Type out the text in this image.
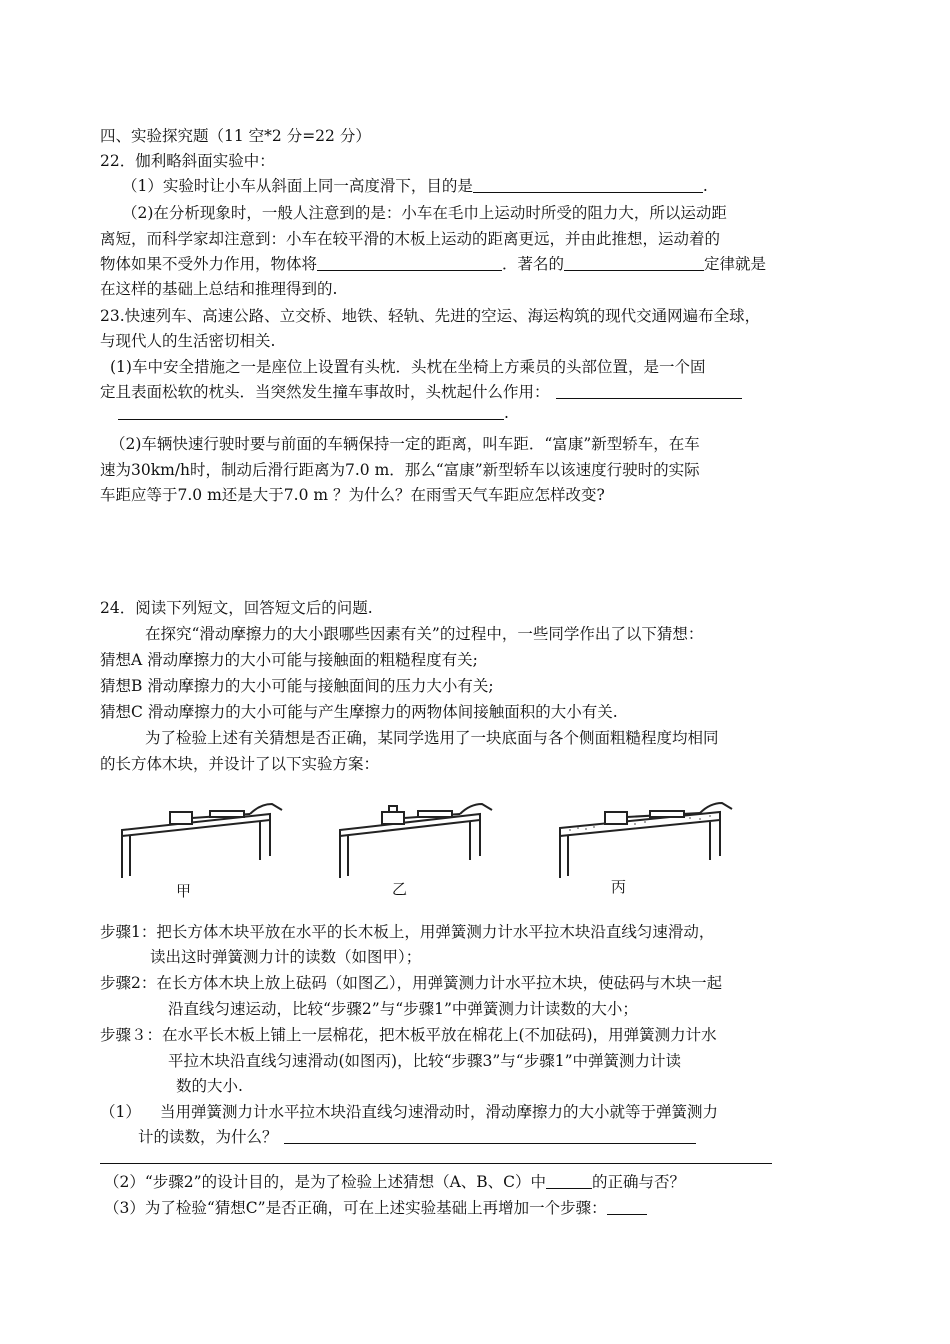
四、实验探究题（11 空*2 分=22 分）
22．伽利略斜面实验中：
（1）实验时让小车从斜面上同一高度滑下，目的是	.
（2)在分析现象时，一般人注意到的是：小车在毛巾上运动时所受的阻力大，所以运动距
离短，而科学家却注意到：小车在较平滑的木板上运动的距离更远，并由此推想，运动着的
物体如果不受外力作用，物体将	．著名的	定律就是
在这样的基础上总结和推理得到的.
23.快速列车、高速公路、立交桥、地铁、轻轨、先进的空运、海运构筑的现代交通网遍布全球，
与现代人的生活密切相关.
(1)车中安全措施之一是座位上设置有头枕．头枕在坐椅上方乘员的头部位置，是一个固
定且表面松软的枕头．当突然发生撞车事故时，头枕起什么作用：
.
（2)车辆快速行驶时要与前面的车辆保持一定的距离，叫车距．“富康”新型轿车，在车
速为30km/h时，制动后滑行距离为7.0 m．那么“富康”新型轿车以该速度行驶时的实际
车距应等于7.0 m还是大于7.0 m ？为什么？在雨雪天气车距应怎样改变?
24．阅读下列短文，回答短文后的问题.
在探究“滑动摩擦力的大小跟哪些因素有关”的过程中，一些同学作出了以下猜想：
猜想A 滑动摩擦力的大小可能与接触面的粗糙程度有关;
猜想B 滑动摩擦力的大小可能与接触面间的压力大小有关;
猜想C 滑动摩擦力的大小可能与产生摩擦力的两物体间接触面积的大小有关.
为了检验上述有关猜想是否正确，某同学选用了一块底面与各个侧面粗糙程度均相同
的长方体木块，并设计了以下实验方案：
甲	乙	丙
步骤1：把长方体木块平放在水平的长木板上，用弹簧测力计水平拉木块沿直线匀速滑动，
读出这时弹簧测力计的读数（如图甲）；
步骤2：在长方体木块上放上砝码（如图乙），用弹簧测力计水平拉木块，使砝码与木块一起
沿直线匀速运动，比较“步骤2”与“步骤1”中弹簧测力计读数的大小；
步骤３：在水平长木板上铺上一层棉花，把木板平放在棉花上(不加砝码)，用弹簧测力计水
平拉木块沿直线匀速滑动(如图丙)，比较“步骤3”与“步骤1”中弹簧测力计读
数的大小.
（1） 当用弹簧测力计水平拉木块沿直线匀速滑动时，滑动摩擦力的大小就等于弹簧测力
计的读数，为什么？
（2）“步骤2”的设计目的，是为了检验上述猜想（A、B、C）中	的正确与否？
（3）为了检验“猜想C”是否正确，可在上述实验基础上再增加一个步骤：
